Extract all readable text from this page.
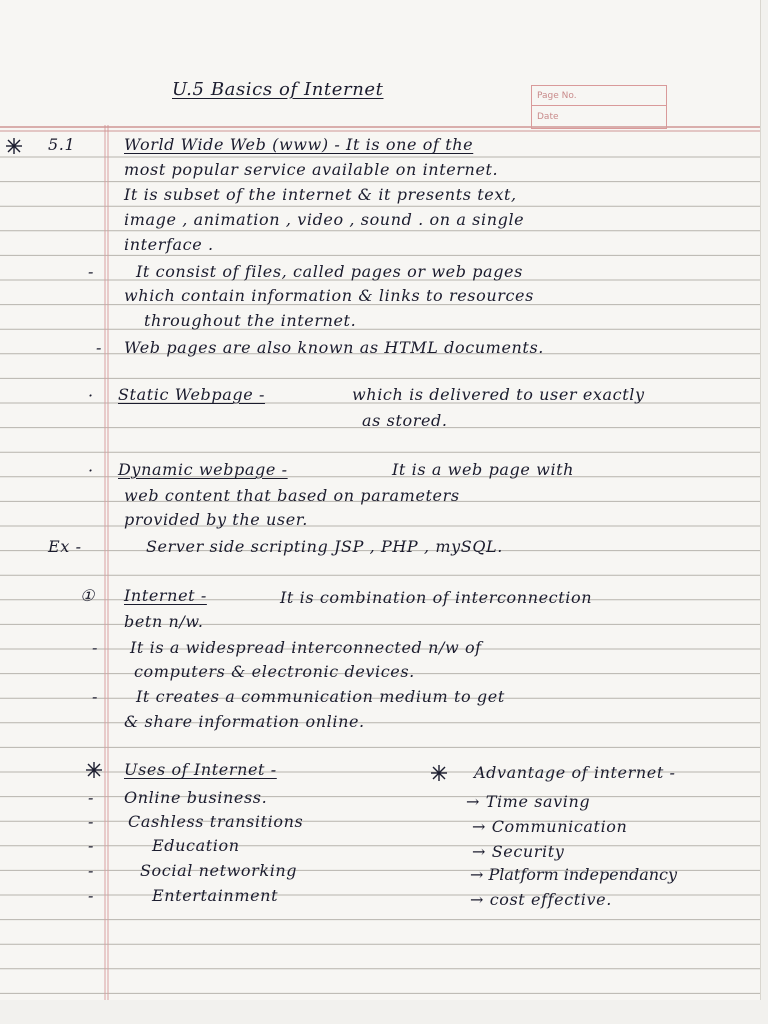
Page No.
Date
U.5 Basics of Internet
5.1	World Wide Web (www) - It is one of the
most popular service available on internet.
It is subset of the internet & it presents text,
image , animation , video , sound . on a single
interface .
-	It consist of files, called pages or web pages
which contain information & links to resources
throughout the internet.
- Web pages are also known as HTML documents.
· Static Webpage -	which is delivered to user exactly
as stored.
· Dynamic webpage -	It is a web page with
web content that based on parameters
provided by the user.
Ex -	Server side scripting JSP , PHP , mySQL.
① Internet -	It is combination of interconnection
betn n/w.
- It is a widespread interconnected n/w of
computers & electronic devices.
- It creates a communication medium to get
& share information online.
Uses of Internet -	Advantage of internet -
- Online business.	→ Time saving
- Cashless transitions	→ Communication
-	Education	→ Security
-	Social networking	→ Platform independancy
-	Entertainment	→ cost effective.
